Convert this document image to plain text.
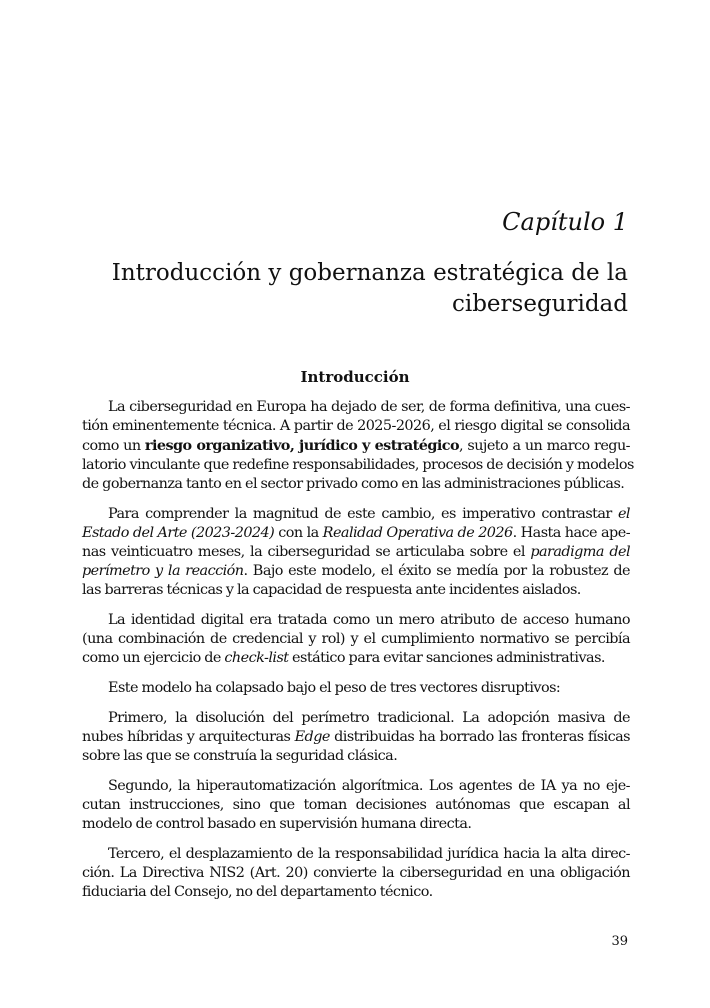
Capítulo 1
Introducción y gobernanza estratégica de la
ciberseguridad
Introducción
La ciberseguridad en Europa ha dejado de ser, de forma definitiva, una cues-
tión eminentemente técnica. A partir de 2025-2026, el riesgo digital se consolida
como un riesgo organizativo, jurídico y estratégico, sujeto a un marco regu-
latorio vinculante que redefine responsabilidades, procesos de decisión y modelos
de gobernanza tanto en el sector privado como en las administraciones públicas.
Para comprender la magnitud de este cambio, es imperativo contrastar el
Estado del Arte (2023-2024) con la Realidad Operativa de 2026. Hasta hace ape-
nas veinticuatro meses, la ciberseguridad se articulaba sobre el paradigma del
perímetro y la reacción. Bajo este modelo, el éxito se medía por la robustez de
las barreras técnicas y la capacidad de respuesta ante incidentes aislados.
La identidad digital era tratada como un mero atributo de acceso humano
(una combinación de credencial y rol) y el cumplimiento normativo se percibía
como un ejercicio de check-list estático para evitar sanciones administrativas.
Este modelo ha colapsado bajo el peso de tres vectores disruptivos:
Primero, la disolución del perímetro tradicional. La adopción masiva de
nubes híbridas y arquitecturas Edge distribuidas ha borrado las fronteras físicas
sobre las que se construía la seguridad clásica.
Segundo, la hiperautomatización algorítmica. Los agentes de IA ya no eje-
cutan instrucciones, sino que toman decisiones autónomas que escapan al
modelo de control basado en supervisión humana directa.
Tercero, el desplazamiento de la responsabilidad jurídica hacia la alta direc-
ción. La Directiva NIS2 (Art. 20) convierte la ciberseguridad en una obligación
fiduciaria del Consejo, no del departamento técnico.
39
